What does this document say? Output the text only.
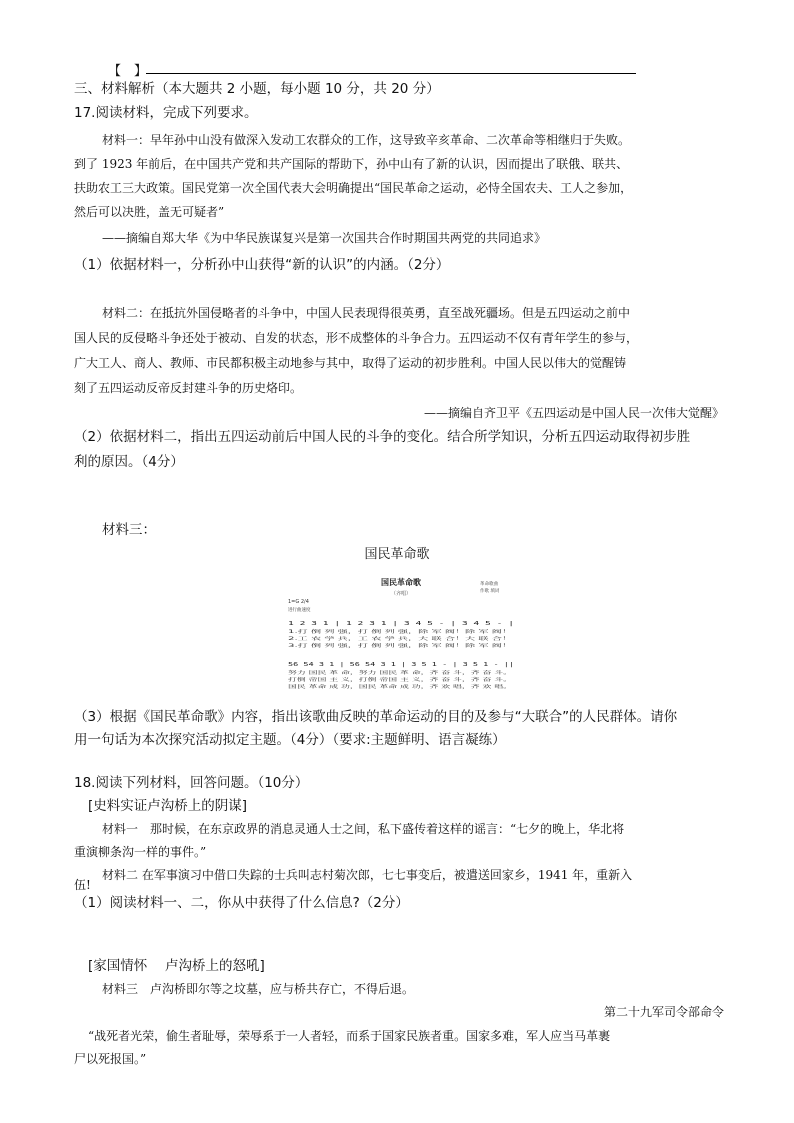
【　】
三、材料解析（本大题共 2 小题，每小题 10 分，共 20 分）
17.阅读材料，完成下列要求。
材料一：早年孙中山没有做深入发动工农群众的工作，这导致辛亥革命、二次革命等相继归于失败。
到了 1923 年前后，在中国共产党和共产国际的帮助下，孙中山有了新的认识，因而提出了联俄、联共、
扶助农工三大政策。国民党第一次全国代表大会明确提出“国民革命之运动，必恃全国农夫、工人之参加，
然后可以决胜，盖无可疑者”
——摘编自郑大华《为中华民族谋复兴是第一次国共合作时期国共两党的共同追求》
（1）依据材料一，分析孙中山获得“新的认识”的内涵。（2分）
材料二：在抵抗外国侵略者的斗争中，中国人民表现得很英勇，直至战死疆场。但是五四运动之前中
国人民的反侵略斗争还处于被动、自发的状态，形不成整体的斗争合力。五四运动不仅有青年学生的参与，
广大工人、商人、教师、市民都积极主动地参与其中，取得了运动的初步胜利。中国人民以伟大的觉醒铸
刻了五四运动反帝反封建斗争的历史烙印。
——摘编自齐卫平《五四运动是中国人民一次伟大觉醒》
（2）依据材料二，指出五四运动前后中国人民的斗争的变化。结合所学知识，分析五四运动取得初步胜
利的原因。（4分）
材料三：
国民革命歌
国民革命歌
（齐唱）
革命歌曲
作歌 填词
1=G 2/4
进行曲速度
1 2 3 1 | 1 2 3 1 | 3 4 5 - | 3 4 5 - |
1.打 倒 列 强，打 倒 列 强，除 军 阀！除 军 阀！
2.工 农 学 兵，工 农 学 兵，大 联 合！大 联 合！
3.打 倒 列 强，打 倒 列 强，除 军 阀！除 军 阀！
56 54 3 1 | 56 54 3 1 | 3 5 1 - | 3 5 1 - ||
努力 国民 革 命，努力 国民 革 命，齐 奋 斗，齐 奋 斗。
打倒 帝国 主 义，打倒 帝国 主 义，齐 奋 斗，齐 奋 斗。
国民 革命 成 功，国民 革命 成 功，齐 欢 唱，齐 欢 唱。
（3）根据《国民革命歌》内容，指出该歌曲反映的革命运动的目的及参与“大联合”的人民群体。请你
用一句话为本次探究活动拟定主题。（4分）（要求:主题鲜明、语言凝练）
18.阅读下列材料，回答问题。（10分）
[史料实证卢沟桥上的阴谋]
材料一　那时候，在东京政界的消息灵通人士之间，私下盛传着这样的谣言：“七夕的晚上，华北将
重演柳条沟一样的事件。”
材料二 在军事演习中借口失踪的士兵叫志村菊次郎，七七事变后，被遣送回家乡，1941 年，重新入
伍!
（1）阅读材料一、二，你从中获得了什么信息?（2分）
[家国情怀　 卢沟桥上的怒吼]
材料三　卢沟桥即尔等之坟墓，应与桥共存亡，不得后退。
第二十九军司令部命令
“战死者光荣，偷生者耻辱，荣辱系于一人者轻，而系于国家民族者重。国家多难，军人应当马革裹
尸以死报国。”
